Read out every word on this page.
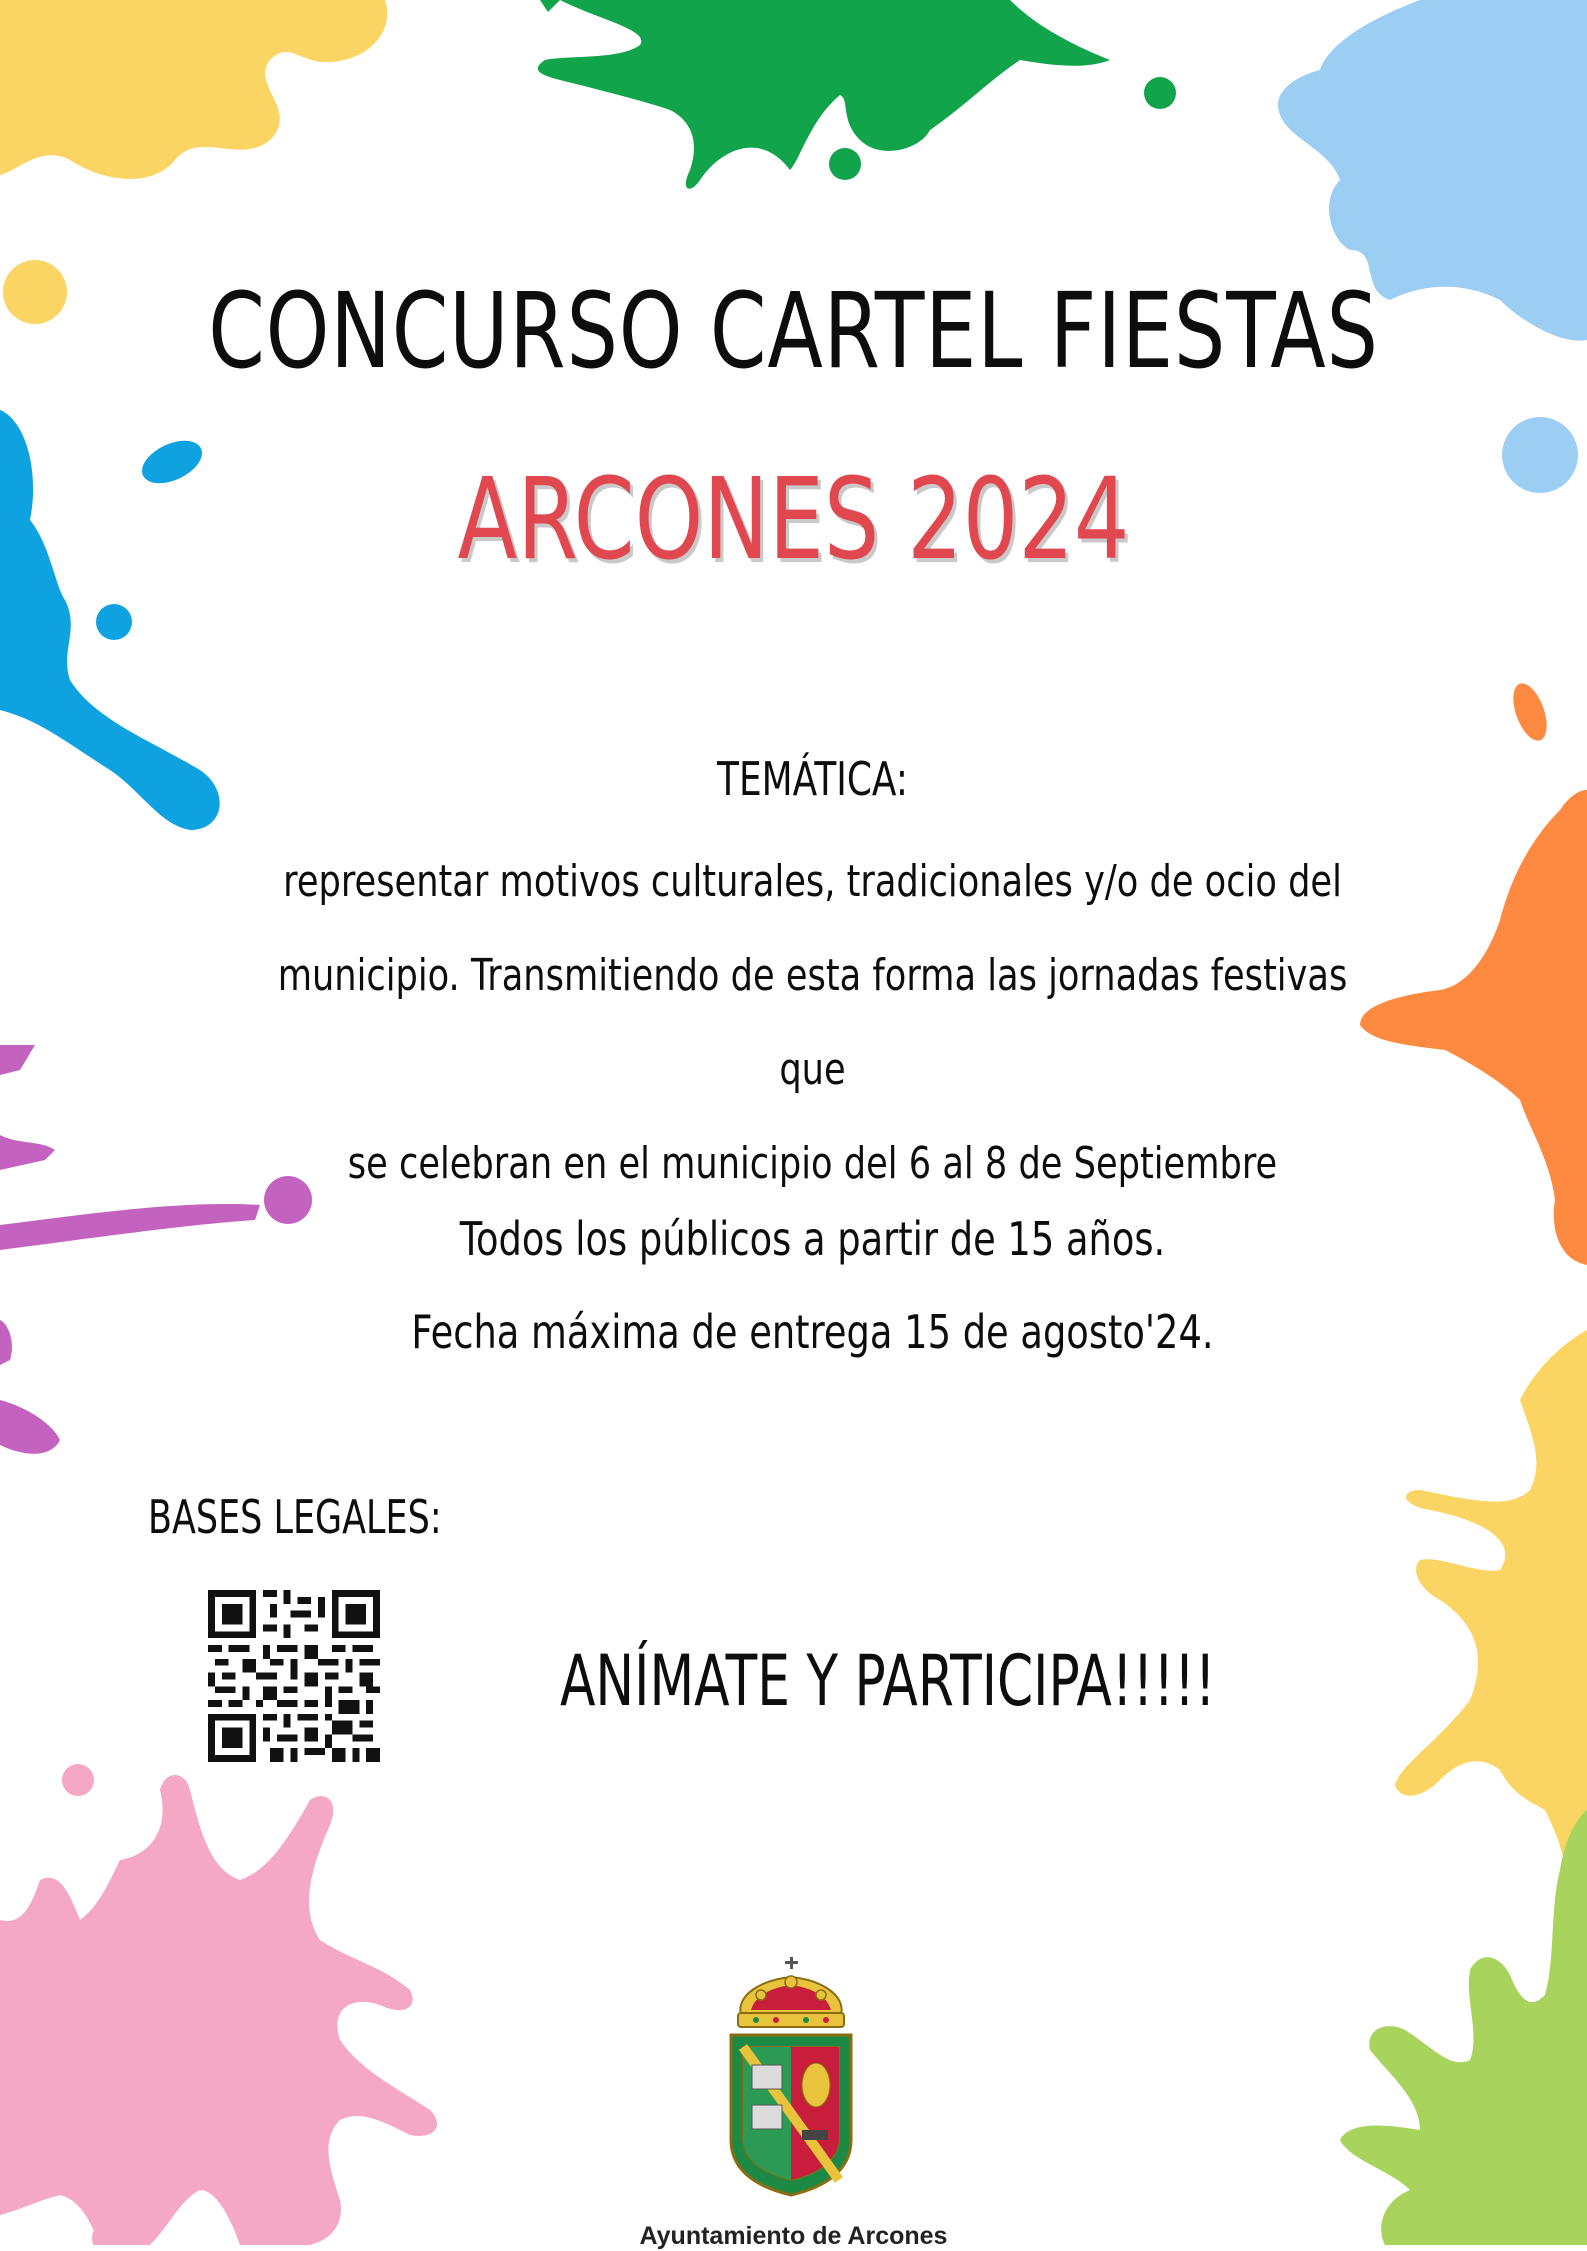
CONCURSO CARTEL FIESTAS
ARCONES 2024
TEMÁTICA:
representar motivos culturales, tradicionales y/o de ocio del
municipio. Transmitiendo de esta forma las jornadas festivas que
se celebran en el municipio del 6 al 8 de Septiembre
Todos los públicos a partir de 15 años.
Fecha máxima de entrega 15 de agosto'24.
BASES LEGALES:
ANÍMATE Y PARTICIPA!!!!!
Ayuntamiento de Arcones
